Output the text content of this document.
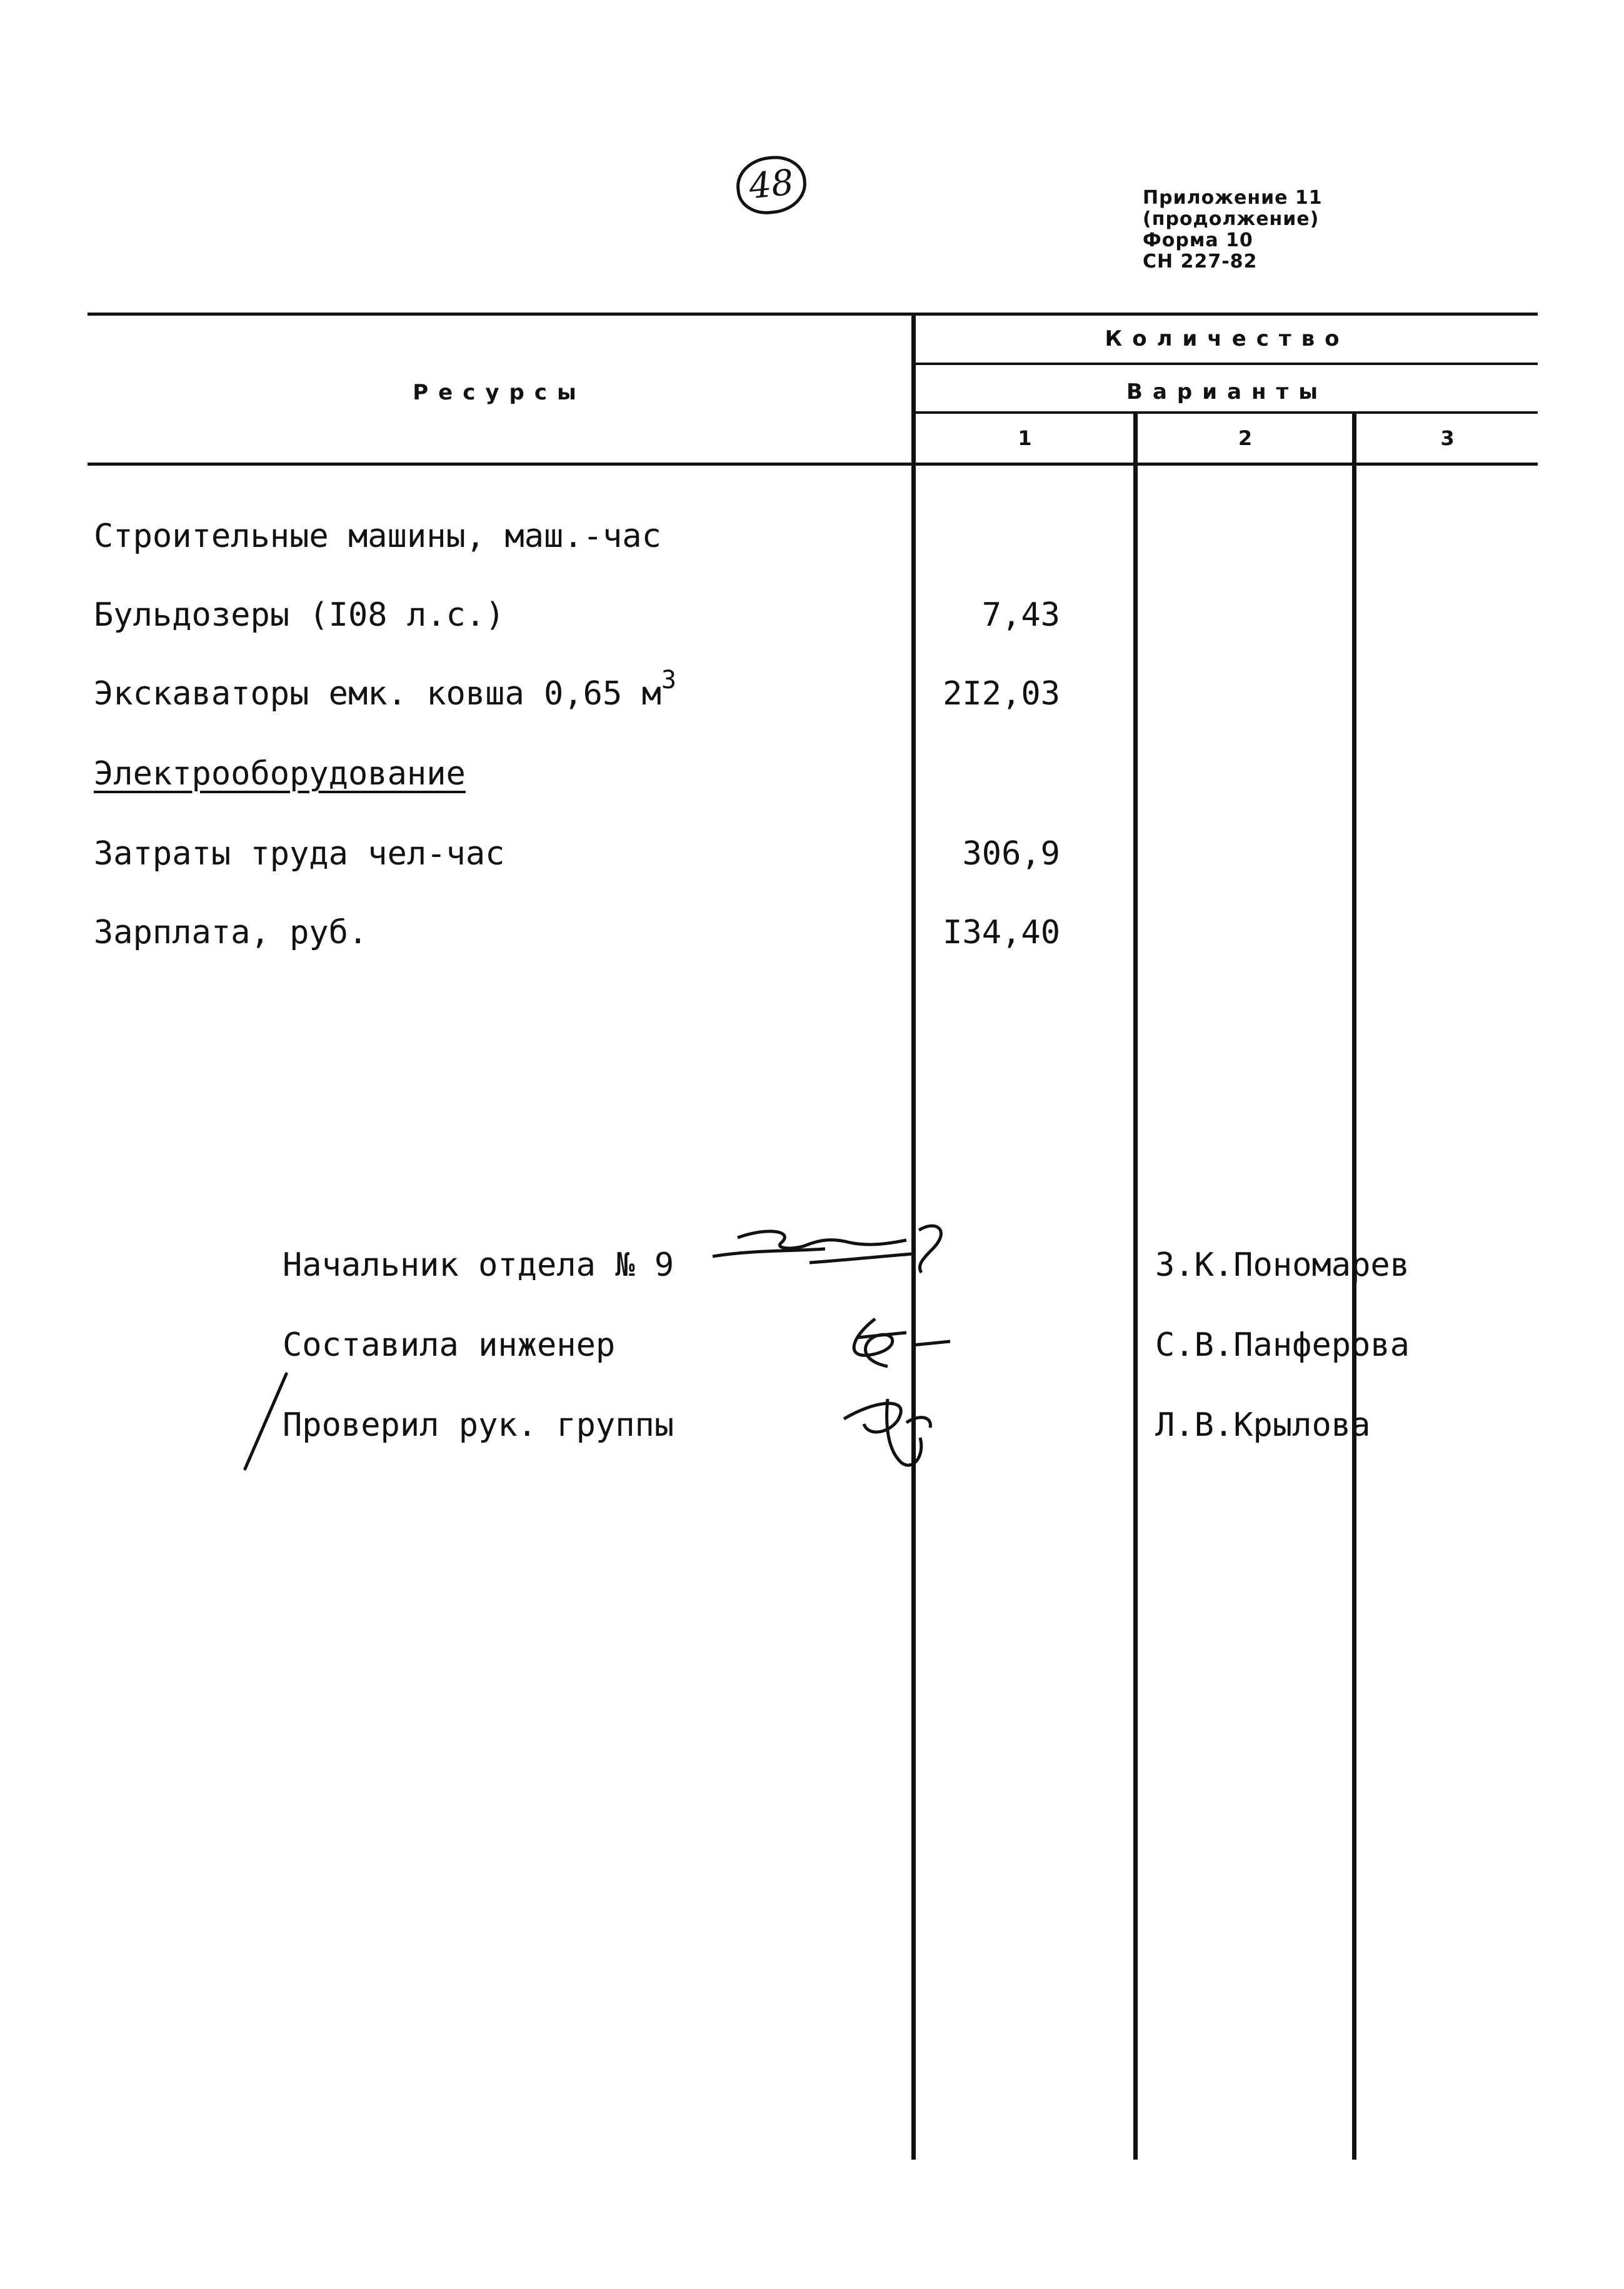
48	Приложение 11
(продолжение)
Форма 10
СН 227-82
Ресурсы
Количество
Варианты
1	2	3
Строительные машины, маш.-час
Бульдозеры (I08 л.с.)	7,43
Экскаваторы емк. ковша 0,65 $м^3$	2I2,03
Электрооборудование
Затраты труда чел-час	306,9
Зарплата, руб.	I34,40
Начальник отдела № 9	З.К.Пономарев
Составила инженер	С.В.Панферова
Проверил рук. группы	Л.В.Крылова
